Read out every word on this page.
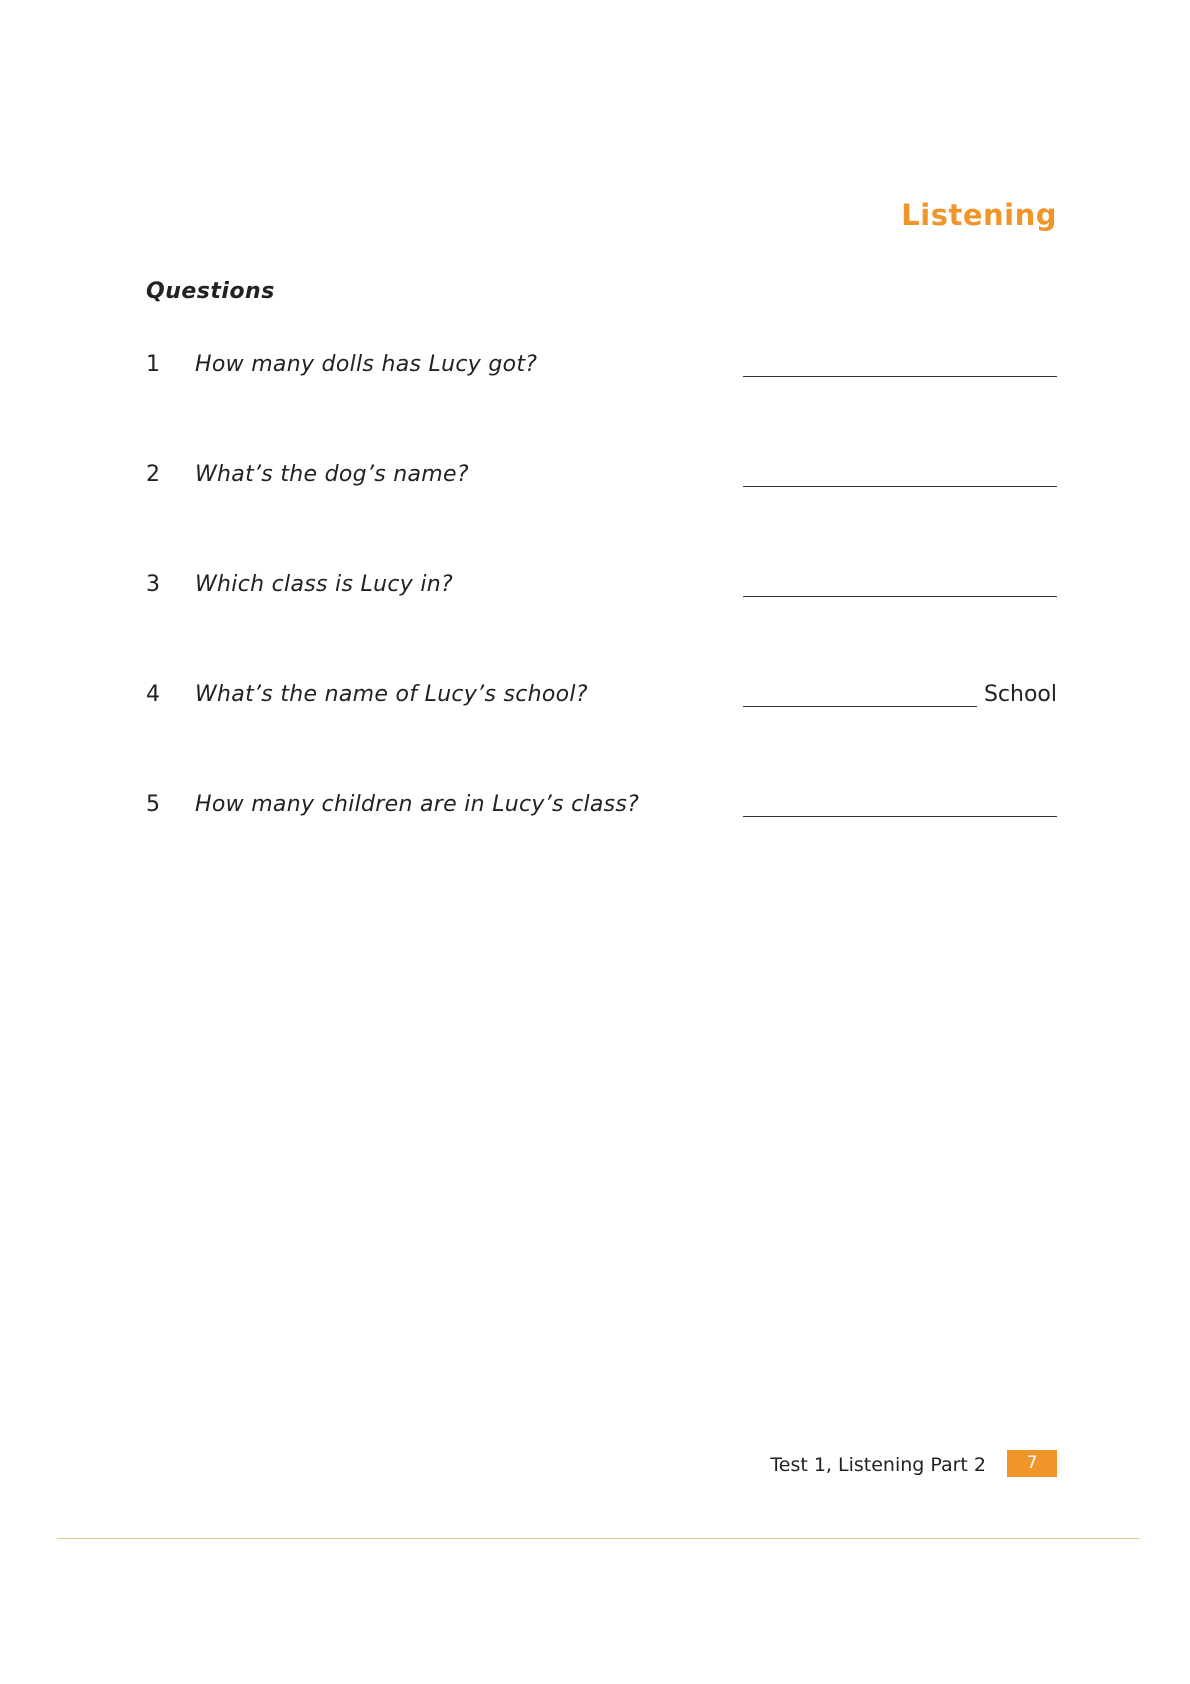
Listening
Questions
1 How many dolls has Lucy got?
2 What’s the dog’s name?
3 Which class is Lucy in?
4 What’s the name of Lucy’s school?	School
5 How many children are in Lucy’s class?
Test 1, Listening Part 2	7
